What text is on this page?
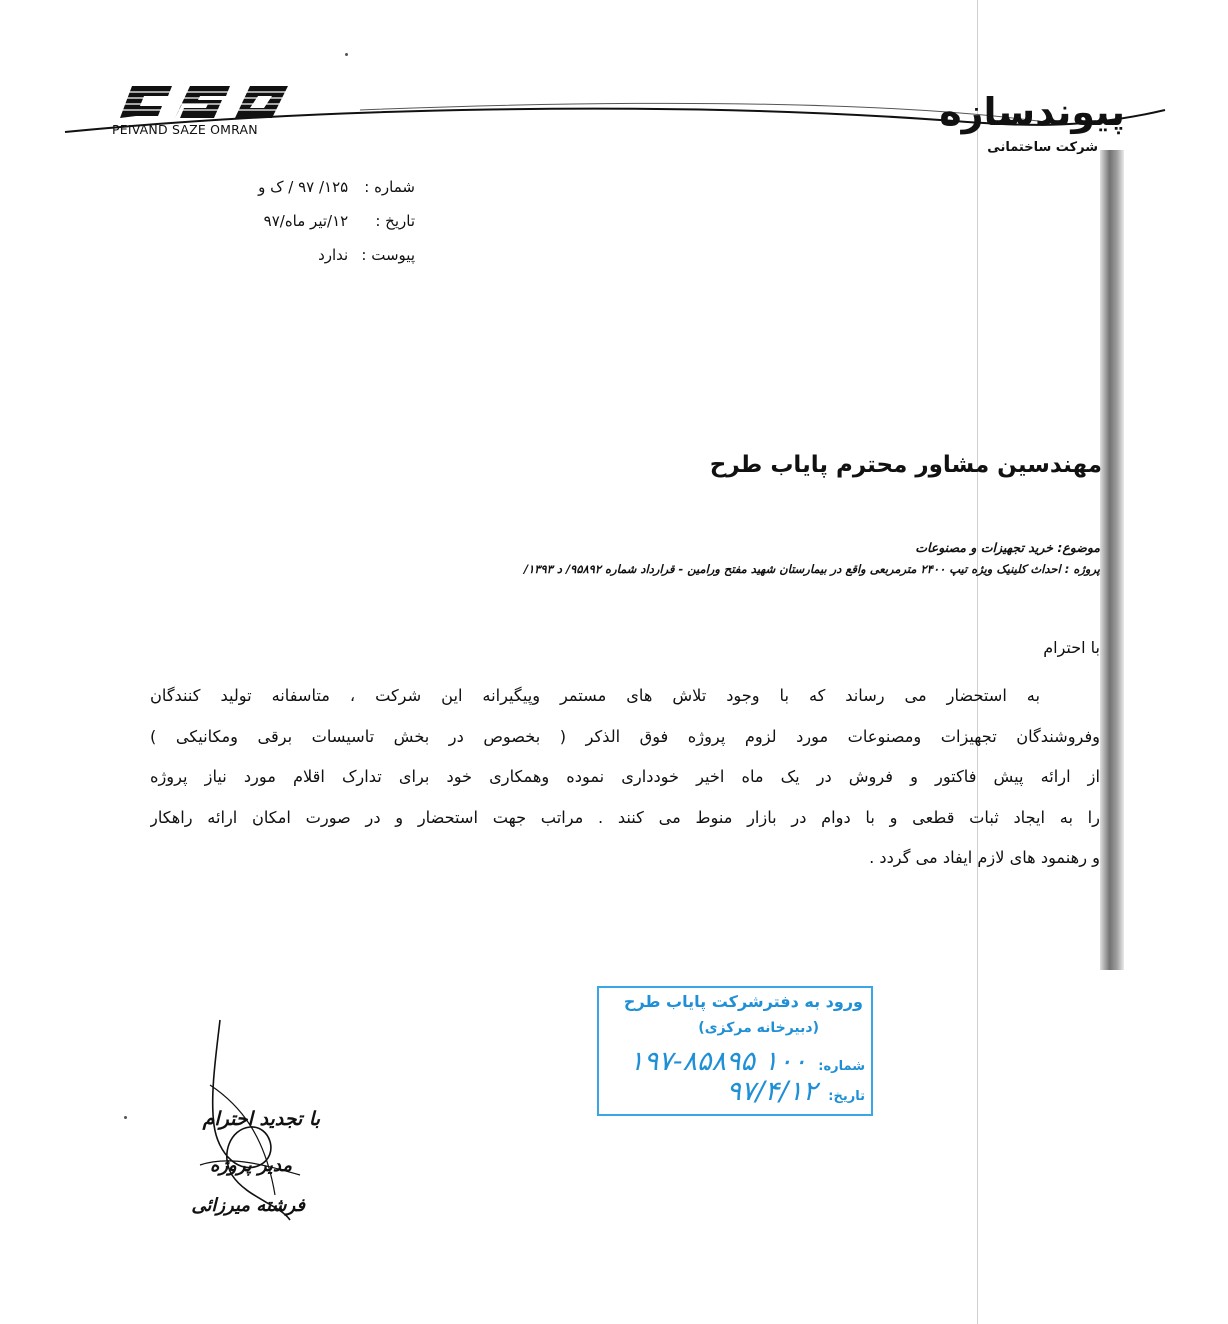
PEIVAND SAZE OMRAN	پیوندسازه
شرکت ساختمانی
شماره : ۱۲۵/ ۹۷ / ک و
تاریخ : ۱۲/تیر ماه/۹۷
پیوست : ندارد
مهندسین مشاور محترم پایاب طرح
موضوع: خرید تجهیزات و مصنوعات
پروژه : احداث کلینیک ویژه تیپ ۲۴۰۰ مترمربعی واقع در بیمارستان شهید مفتح ورامین - قرارداد شماره ۹۵۸۹۲/ د ۱۳۹۳/
با احترام
به استحضار می رساند که با وجود تلاش های مستمر وپیگیرانه این شرکت ، متاسفانه تولید کنندگان
وفروشندگان تجهیزات ومصنوعات مورد لزوم پروژه فوق الذکر ( بخصوص در بخش تاسیسات برقی ومکانیکی )
از ارائه پیش فاکتور و فروش در یک ماه اخیر خودداری نموده وهمکاری خود برای تدارک اقلام مورد نیاز پروژه
را به ایجاد ثبات قطعی و با دوام در بازار منوط می کنند . مراتب جهت استحضار و در صورت امکان ارائه راهکار
و رهنمود های لازم ایفاد می گردد .
ورود به دفترشرکت پایاب طرح
(دبیرخانه مرکزی)
شماره: ۱۰۰ ۱۹۷-۸۵۸۹۵
تاریخ: ۹۷/۴/۱۲
با تجدید احترام
مدیر پروژه
فرشته میرزائی
